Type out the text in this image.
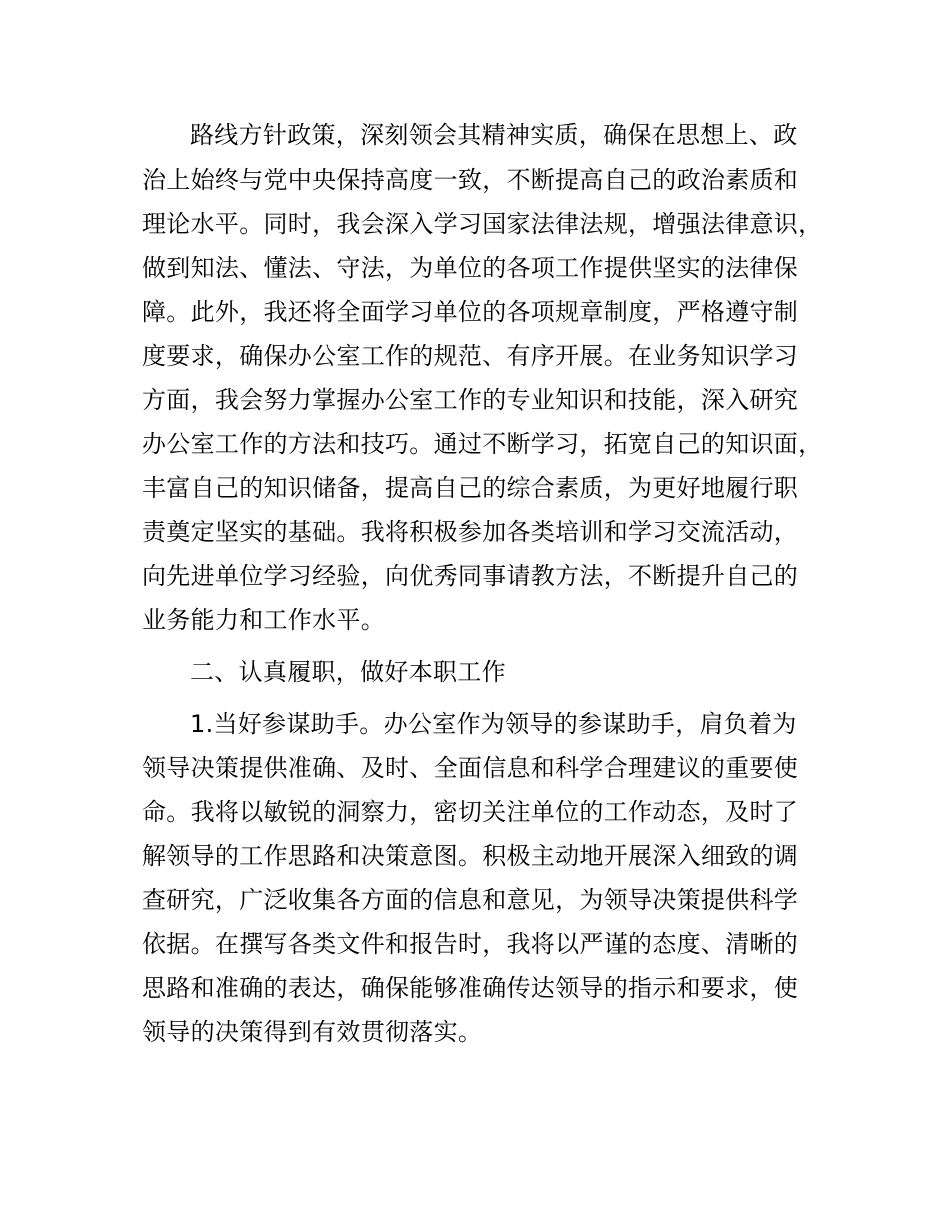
路线方针政策，深刻领会其精神实质，确保在思想上、政
治上始终与党中央保持高度一致，不断提高自己的政治素质和
理论水平。同时，我会深入学习国家法律法规，增强法律意识，
做到知法、懂法、守法，为单位的各项工作提供坚实的法律保
障。此外，我还将全面学习单位的各项规章制度，严格遵守制
度要求，确保办公室工作的规范、有序开展。在业务知识学习
方面，我会努力掌握办公室工作的专业知识和技能，深入研究
办公室工作的方法和技巧。通过不断学习，拓宽自己的知识面，
丰富自己的知识储备，提高自己的综合素质，为更好地履行职
责奠定坚实的基础。我将积极参加各类培训和学习交流活动，
向先进单位学习经验，向优秀同事请教方法，不断提升自己的
业务能力和工作水平。
二、认真履职，做好本职工作
1.当好参谋助手。办公室作为领导的参谋助手，肩负着为
领导决策提供准确、及时、全面信息和科学合理建议的重要使
命。我将以敏锐的洞察力，密切关注单位的工作动态，及时了
解领导的工作思路和决策意图。积极主动地开展深入细致的调
查研究，广泛收集各方面的信息和意见，为领导决策提供科学
依据。在撰写各类文件和报告时，我将以严谨的态度、清晰的
思路和准确的表达，确保能够准确传达领导的指示和要求，使
领导的决策得到有效贯彻落实。
